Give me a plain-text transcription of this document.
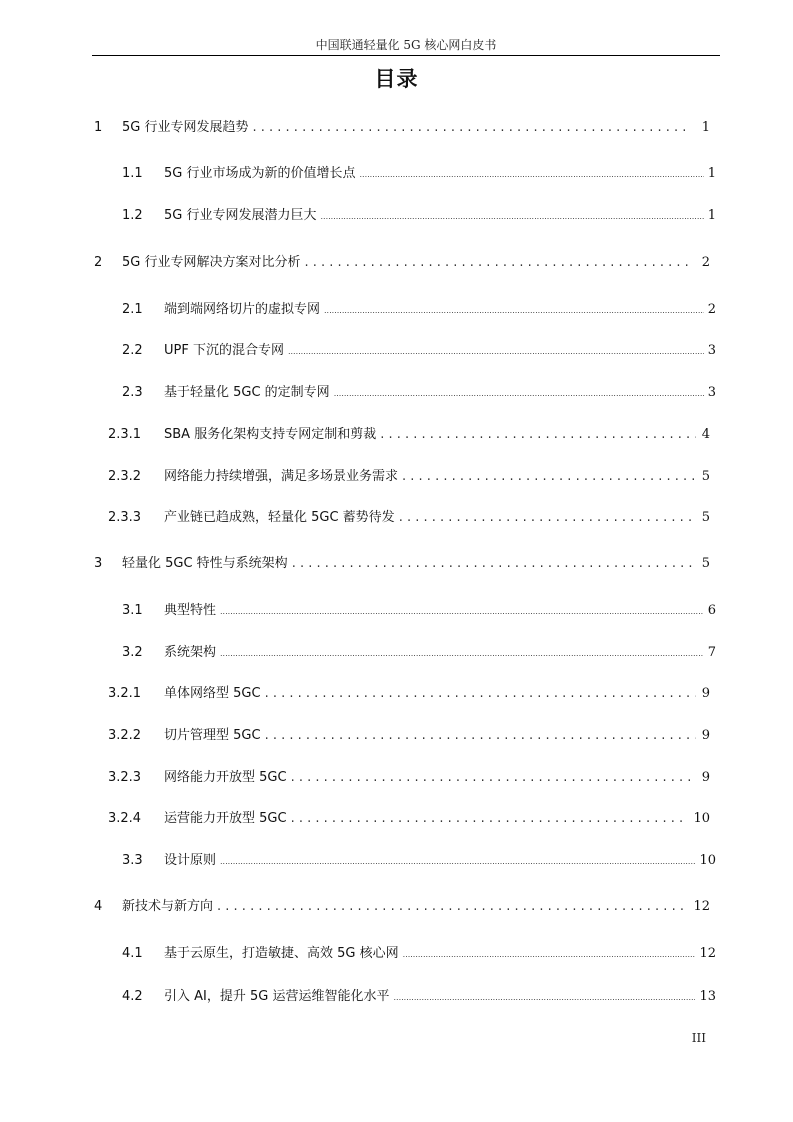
中国联通轻量化 5G 核心网白皮书
目录
1	5G 行业专网发展趋势 . . .	1
1.1	5G 行业市场成为新的价值增长点 .....	1
1.2	5G 行业专网发展潜力巨大 .....	1
2	5G 行业专网解决方案对比分析 . . .	2
2.1	端到端网络切片的虚拟专网 .....	2
2.2	UPF 下沉的混合专网 .....	3
2.3	基于轻量化 5GC 的定制专网 .....	3
2.3.1	SBA 服务化架构支持专网定制和剪裁 . . .	4
2.3.2	网络能力持续增强，满足多场景业务需求 . . .	5
2.3.3	产业链已趋成熟，轻量化 5GC 蓄势待发 . . .	5
3	轻量化 5GC 特性与系统架构 . . .	5
3.1	典型特性 .....	6
3.2	系统架构 .....	7
3.2.1	单体网络型 5GC . . .	9
3.2.2	切片管理型 5GC . . .	9
3.2.3	网络能力开放型 5GC . . .	9
3.2.4	运营能力开放型 5GC . . .	10
3.3	设计原则 .....	10
4	新技术与新方向 . . .	12
4.1	基于云原生，打造敏捷、高效 5G 核心网 .....	12
4.2	引入 AI，提升 5G 运营运维智能化水平 .....	13
III
